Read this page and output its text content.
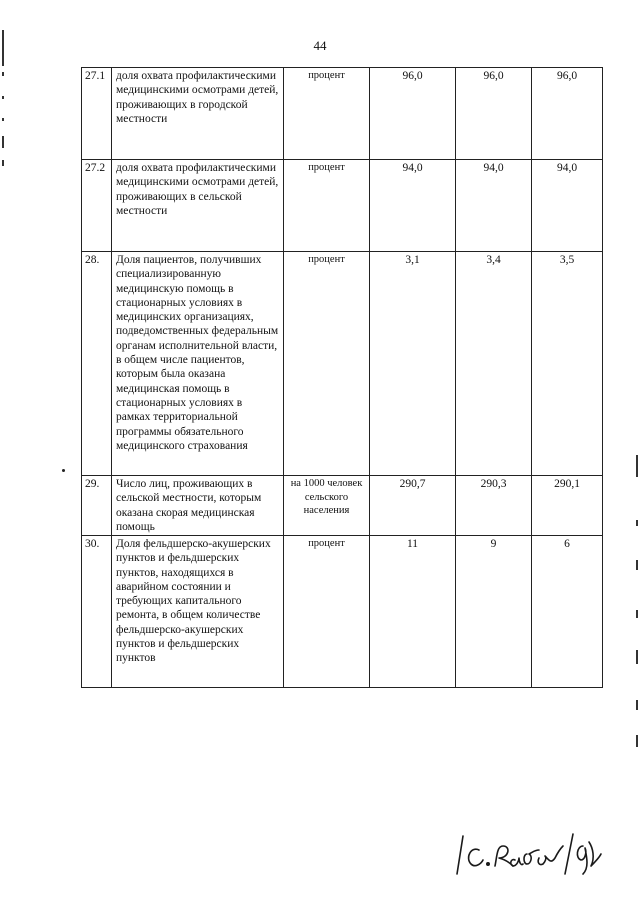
44
27.1	доля охвата профилактическими медицинскими осмотрами детей, проживающих в городской местности	процент	96,0	96,0	96,0
27.2	доля охвата профилактическими медицинскими осмотрами детей, проживающих в сельской местности	процент	94,0	94,0	94,0
28.	Доля пациентов, получивших специализированную медицинскую помощь в стационарных условиях в медицинских организациях, подведомственных федеральным органам исполнительной власти, в общем числе пациентов, которым была оказана медицинская помощь в стационарных условиях в рамках территориальной программы обязательного медицинского страхования	процент	3,1	3,4	3,5
29.	Число лиц, проживающих в сельской местности, которым оказана скорая медицинская помощь	на 1000 человек сельского населения	290,7	290,3	290,1
30.	Доля фельдшерско-акушерских пунктов и фельдшерских пунктов, находящихся в аварийном состоянии и требующих капитального ремонта, в общем количестве фельдшерско-акушерских пунктов и фельдшерских пунктов	процент	11	9	6
